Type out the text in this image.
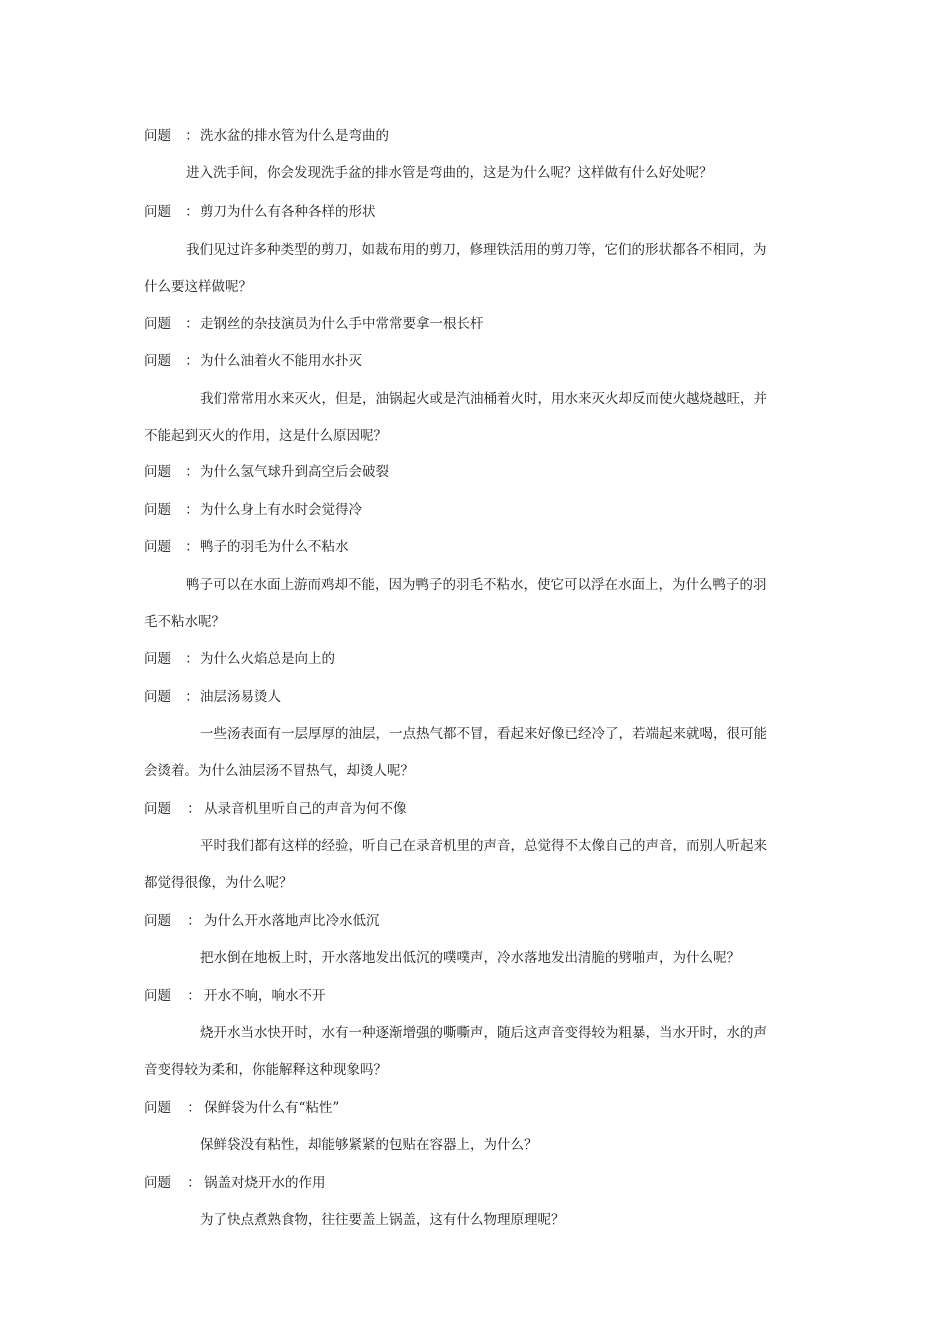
问题 ：洗水盆的排水管为什么是弯曲的
进入洗手间，你会发现洗手盆的排水管是弯曲的，这是为什么呢？这样做有什么好处呢？
问题 ：剪刀为什么有各种各样的形状
我们见过许多种类型的剪刀，如裁布用的剪刀，修理铁活用的剪刀等，它们的形状都各不相同，为
什么要这样做呢？
问题 ：走钢丝的杂技演员为什么手中常常要拿一根长杆
问题 ：为什么油着火不能用水扑灭
我们常常用水来灭火，但是，油锅起火或是汽油桶着火时，用水来灭火却反而使火越烧越旺，并
不能起到灭火的作用，这是什么原因呢？
问题 ：为什么氢气球升到高空后会破裂
问题 ：为什么身上有水时会觉得冷
问题 ：鸭子的羽毛为什么不粘水
鸭子可以在水面上游而鸡却不能，因为鸭子的羽毛不粘水，使它可以浮在水面上，为什么鸭子的羽
毛不粘水呢？
问题 ：为什么火焰总是向上的
问题 ：油层汤易烫人
一些汤表面有一层厚厚的油层，一点热气都不冒，看起来好像已经冷了，若端起来就喝，很可能
会烫着。为什么油层汤不冒热气，却烫人呢？
问题 ： 从录音机里听自己的声音为何不像
平时我们都有这样的经验，听自己在录音机里的声音，总觉得不太像自己的声音，而别人听起来
都觉得很像，为什么呢？
问题 ： 为什么开水落地声比冷水低沉
把水倒在地板上时，开水落地发出低沉的噗噗声，冷水落地发出清脆的劈啪声，为什么呢？
问题 ： 开水不响，响水不开
烧开水当水快开时，水有一种逐渐增强的嘶嘶声，随后这声音变得较为粗暴，当水开时，水的声
音变得较为柔和，你能解释这种现象吗？
问题 ： 保鲜袋为什么有“粘性”
保鲜袋没有粘性，却能够紧紧的包贴在容器上，为什么？
问题 ： 锅盖对烧开水的作用
为了快点煮熟食物，往往要盖上锅盖，这有什么物理原理呢？
